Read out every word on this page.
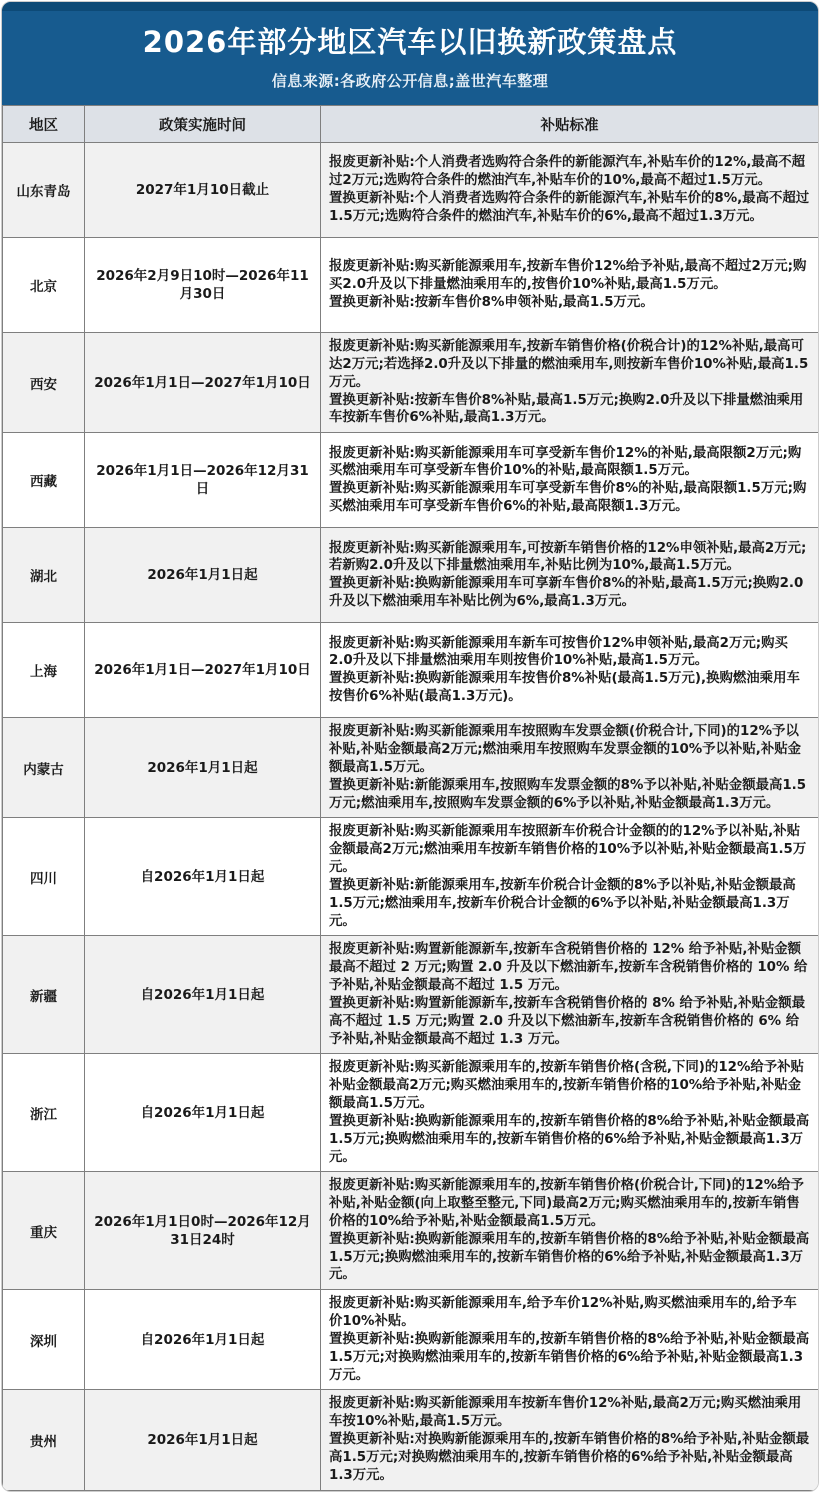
2026年部分地区汽车以旧换新政策盘点
信息来源:各政府公开信息;盖世汽车整理
地区	政策实施时间	补贴标准
山东青岛	2027年1月10日截止	报废更新补贴:个人消费者选购符合条件的新能源汽车,补贴车价的12%,最高不超过2万元;选购符合条件的燃油汽车,补贴车价的10%,最高不超过1.5万元。
置换更新补贴:个人消费者选购符合条件的新能源汽车,补贴车价的8%,最高不超过1.5万元;选购符合条件的燃油汽车,补贴车价的6%,最高不超过1.3万元。

北京	2026年2月9日10时—2026年11月30日	报废更新补贴:购买新能源乘用车,按新车售价12%给予补贴,最高不超过2万元;购买2.0升及以下排量燃油乘用车的,按售价10%补贴,最高1.5万元。
置换更新补贴:按新车售价8%申领补贴,最高1.5万元。

西安	2026年1月1日—2027年1月10日	报废更新补贴:购买新能源乘用车,按新车销售价格(价税合计)的12%补贴,最高可达2万元;若选择2.0升及以下排量的燃油乘用车,则按新车售价10%补贴,最高1.5万元。
置换更新补贴:按新车售价8%补贴,最高1.5万元;换购2.0升及以下排量燃油乘用车按新车售价6%补贴,最高1.3万元。

西藏	2026年1月1日—2026年12月31日	报废更新补贴:购买新能源乘用车可享受新车售价12%的补贴,最高限额2万元;购买燃油乘用车可享受新车售价10%的补贴,最高限额1.5万元。
置换更新补贴:购买新能源乘用车可享受新车售价8%的补贴,最高限额1.5万元;购买燃油乘用车可享受新车售价6%的补贴,最高限额1.3万元。

湖北	2026年1月1日起	报废更新补贴:购买新能源乘用车,可按新车销售价格的12%申领补贴,最高2万元;若新购2.0升及以下排量燃油乘用车,补贴比例为10%,最高1.5万元。
置换更新补贴:换购新能源乘用车可享新车售价8%的补贴,最高1.5万元;换购2.0升及以下燃油乘用车补贴比例为6%,最高1.3万元。

上海	2026年1月1日—2027年1月10日	报废更新补贴:购买新能源乘用车新车可按售价12%申领补贴,最高2万元;购买2.0升及以下排量燃油乘用车则按售价10%补贴,最高1.5万元。
置换更新补贴:换购新能源乘用车按售价8%补贴(最高1.5万元),换购燃油乘用车按售价6%补贴(最高1.3万元)。

内蒙古	2026年1月1日起	报废更新补贴:购买新能源乘用车按照购车发票金额(价税合计,下同)的12%予以补贴,补贴金额最高2万元;燃油乘用车按照购车发票金额的10%予以补贴,补贴金额最高1.5万元。
置换更新补贴:新能源乘用车,按照购车发票金额的8%予以补贴,补贴金额最高1.5万元;燃油乘用车,按照购车发票金额的6%予以补贴,补贴金额最高1.3万元。

四川	自2026年1月1日起	报废更新补贴:购买新能源乘用车按照新车价税合计金额的的12%予以补贴,补贴金额最高2万元;燃油乘用车按新车销售价格的10%予以补贴,补贴金额最高1.5万元。
置换更新补贴:新能源乘用车,按新车价税合计金额的8%予以补贴,补贴金额最高1.5万元;燃油乘用车,按新车价税合计金额的6%予以补贴,补贴金额最高1.3万元。

新疆	自2026年1月1日起	报废更新补贴:购置新能源新车,按新车含税销售价格的 12% 给予补贴,补贴金额最高不超过 2 万元;购置 2.0 升及以下燃油新车,按新车含税销售价格的 10% 给予补贴,补贴金额最高不超过 1.5 万元。
置换更新补贴:购置新能源新车,按新车含税销售价格的 8% 给予补贴,补贴金额最高不超过 1.5 万元;购置 2.0 升及以下燃油新车,按新车含税销售价格的 6% 给予补贴,补贴金额最高不超过 1.3 万元。

浙江	自2026年1月1日起	报废更新补贴:购买新能源乘用车的,按新车销售价格(含税,下同)的12%给予补贴补贴金额最高2万元;购买燃油乘用车的,按新车销售价格的10%给予补贴,补贴金额最高1.5万元。
置换更新补贴:换购新能源乘用车的,按新车销售价格的8%给予补贴,补贴金额最高1.5万元;换购燃油乘用车的,按新车销售价格的6%给予补贴,补贴金额最高1.3万元。

重庆	2026年1月1日0时—2026年12月31日24时	报废更新补贴:购买新能源乘用车的,按新车销售价格(价税合计,下同)的12%给予补贴,补贴金额(向上取整至整元,下同)最高2万元;购买燃油乘用车的,按新车销售价格的10%给予补贴,补贴金额最高1.5万元。
置换更新补贴:换购新能源乘用车的,按新车销售价格的8%给予补贴,补贴金额最高1.5万元;换购燃油乘用车的,按新车销售价格的6%给予补贴,补贴金额最高1.3万元。

深圳	自2026年1月1日起	报废更新补贴:购买新能源乘用车,给予车价12%补贴,购买燃油乘用车的,给予车价10%补贴。
置换更新补贴:换购新能源乘用车的,按新车销售价格的8%给予补贴,补贴金额最高1.5万元;对换购燃油乘用车的,按新车销售价格的6%给予补贴,补贴金额最高1.3万元。

贵州	2026年1月1日起	报废更新补贴:购买新能源乘用车按新车售价12%补贴,最高2万元;购买燃油乘用车按10%补贴,最高1.5万元。
置换更新补贴:对换购新能源乘用车的,按新车销售价格的8%给予补贴,补贴金额最高1.5万元;对换购燃油乘用车的,按新车销售价格的6%给予补贴,补贴金额最高1.3万元。
